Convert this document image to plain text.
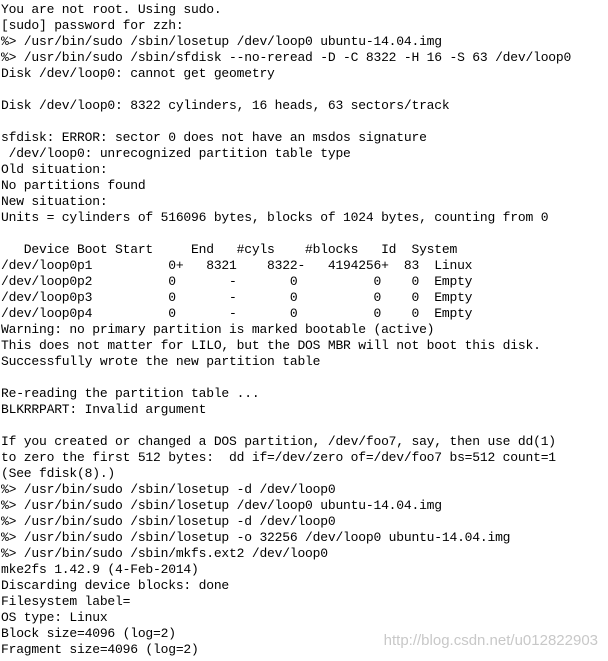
You are not root. Using sudo.
[sudo] password for zzh:
%> /usr/bin/sudo /sbin/losetup /dev/loop0 ubuntu-14.04.img
%> /usr/bin/sudo /sbin/sfdisk --no-reread -D -C 8322 -H 16 -S 63 /dev/loop0
Disk /dev/loop0: cannot get geometry
Disk /dev/loop0: 8322 cylinders, 16 heads, 63 sectors/track
sfdisk: ERROR: sector 0 does not have an msdos signature
/dev/loop0: unrecognized partition table type
Old situation:
No partitions found
New situation:
Units = cylinders of 516096 bytes, blocks of 1024 bytes, counting from 0
Device Boot Start     End   #cyls    #blocks   Id  System
/dev/loop0p1          0+   8321    8322-   4194256+  83  Linux
/dev/loop0p2          0       -       0          0    0  Empty
/dev/loop0p3          0       -       0          0    0  Empty
/dev/loop0p4          0       -       0          0    0  Empty
Warning: no primary partition is marked bootable (active)
This does not matter for LILO, but the DOS MBR will not boot this disk.
Successfully wrote the new partition table
Re-reading the partition table ...
BLKRRPART: Invalid argument
If you created or changed a DOS partition, /dev/foo7, say, then use dd(1)
to zero the first 512 bytes:  dd if=/dev/zero of=/dev/foo7 bs=512 count=1
(See fdisk(8).)
%> /usr/bin/sudo /sbin/losetup -d /dev/loop0
%> /usr/bin/sudo /sbin/losetup /dev/loop0 ubuntu-14.04.img
%> /usr/bin/sudo /sbin/losetup -d /dev/loop0
%> /usr/bin/sudo /sbin/losetup -o 32256 /dev/loop0 ubuntu-14.04.img
%> /usr/bin/sudo /sbin/mkfs.ext2 /dev/loop0
mke2fs 1.42.9 (4-Feb-2014)
Discarding device blocks: done
Filesystem label=
OS type: Linux
Block size=4096 (log=2)
Fragment size=4096 (log=2)
http://blog.csdn.net/u012822903
